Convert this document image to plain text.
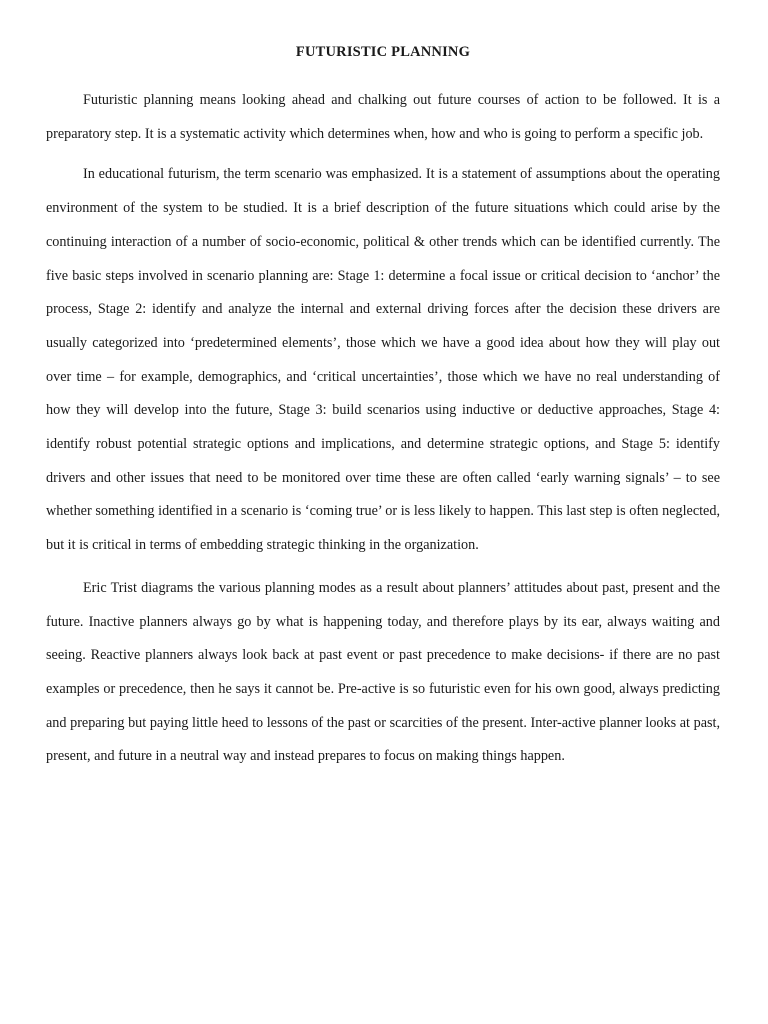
FUTURISTIC PLANNING

Futuristic planning means looking ahead and chalking out future courses of action to be followed. It is a preparatory step. It is a systematic activity which determines when, how and who is going to perform a specific job.

In educational futurism, the term scenario was emphasized. It is a statement of assumptions about the operating environment of the system to be studied. It is a brief description of the future situations which could arise by the continuing interaction of a number of socio-economic, political & other trends which can be identified currently. The five basic steps involved in scenario planning are: Stage 1: determine a focal issue or critical decision to ‘anchor’ the process, Stage 2: identify and analyze the internal and external driving forces after the decision these drivers are usually categorized into ‘predetermined elements’, those which we have a good idea about how they will play out over time – for example, demographics, and ‘critical uncertainties’, those which we have no real understanding of how they will develop into the future, Stage 3: build scenarios using inductive or deductive approaches, Stage 4: identify robust potential strategic options and implications, and determine strategic options, and Stage 5: identify drivers and other issues that need to be monitored over time these are often called ‘early warning signals’ – to see whether something identified in a scenario is ‘coming true’ or is less likely to happen. This last step is often neglected, but it is critical in terms of embedding strategic thinking in the organization.

Eric Trist diagrams the various planning modes as a result about planners’ attitudes about past, present and the future. Inactive planners always go by what is happening today, and therefore plays by its ear, always waiting and seeing. Reactive planners always look back at past event or past precedence to make decisions- if there are no past examples or precedence, then he says it cannot be. Pre-active is so futuristic even for his own good, always predicting and preparing but paying little heed to lessons of the past or scarcities of the present. Inter-active planner looks at past, present, and future in a neutral way and instead prepares to focus on making things happen.
